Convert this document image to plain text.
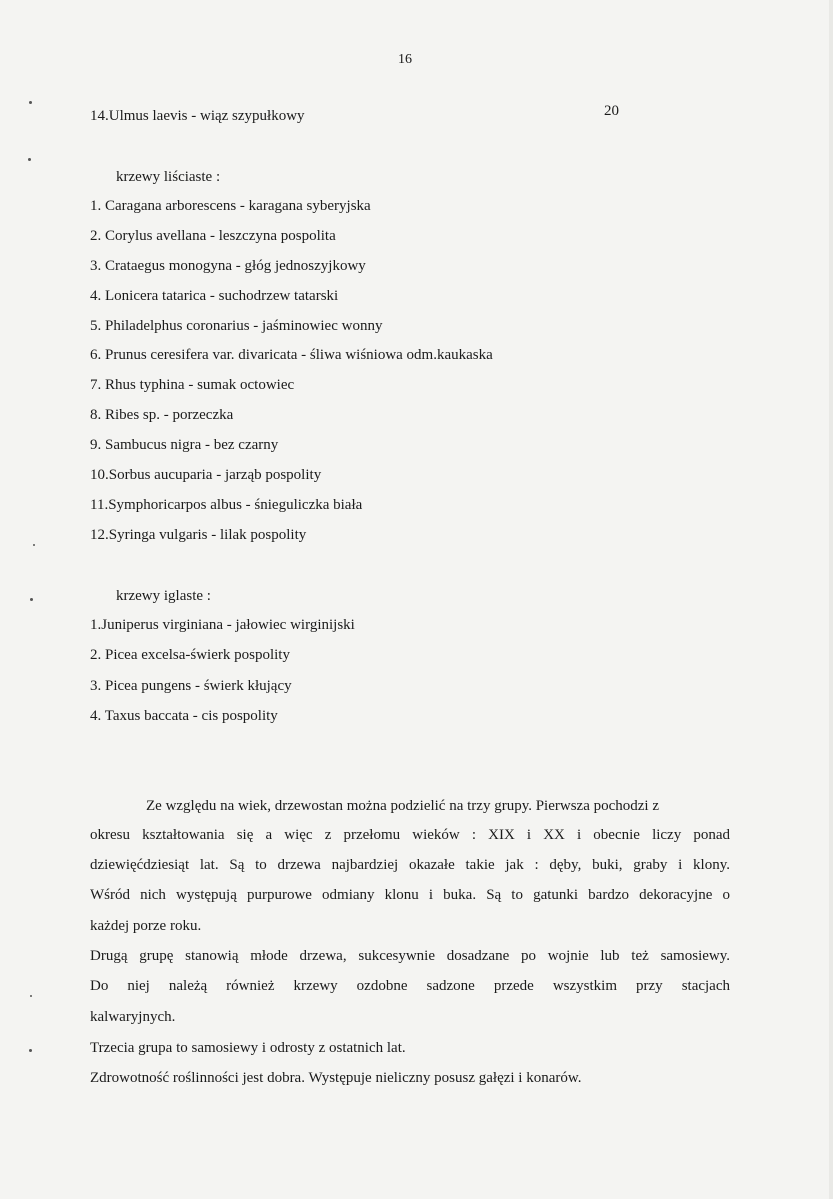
16
14.Ulmus laevis - wiąz szypułkowy	20
krzewy liściaste :
1. Caragana arborescens - karagana syberyjska
2. Corylus avellana - leszczyna pospolita
3. Crataegus monogyna - głóg jednoszyjkowy
4. Lonicera tatarica - suchodrzew tatarski
5. Philadelphus coronarius - jaśminowiec wonny
6. Prunus ceresifera var. divaricata - śliwa wiśniowa odm.kaukaska
7. Rhus typhina - sumak octowiec
8. Ribes sp. - porzeczka
9. Sambucus nigra - bez czarny
10.Sorbus aucuparia - jarząb pospolity
11.Symphoricarpos albus - śnieguliczka biała
12.Syringa vulgaris - lilak pospolity
krzewy iglaste :
1.Juniperus virginiana - jałowiec wirginijski
2. Picea excelsa-świerk pospolity
3. Picea pungens - świerk kłujący
4. Taxus baccata - cis pospolity
Ze względu na wiek, drzewostan można podzielić na trzy grupy. Pierwsza pochodzi z
okresu kształtowania się a więc z przełomu wieków : XIX i XX i obecnie liczy ponad
dziewięćdziesiąt lat. Są to drzewa najbardziej okazałe takie jak : dęby, buki, graby i klony.
Wśród nich występują purpurowe odmiany klonu i buka. Są to gatunki bardzo dekoracyjne o
każdej porze roku.
Drugą grupę stanowią młode drzewa, sukcesywnie dosadzane po wojnie lub też samosiewy.
Do niej należą również krzewy ozdobne sadzone przede wszystkim przy stacjach
kalwaryjnych.
Trzecia grupa to samosiewy i odrosty z ostatnich lat.
Zdrowotność roślinności jest dobra. Występuje nieliczny posusz gałęzi i konarów.
